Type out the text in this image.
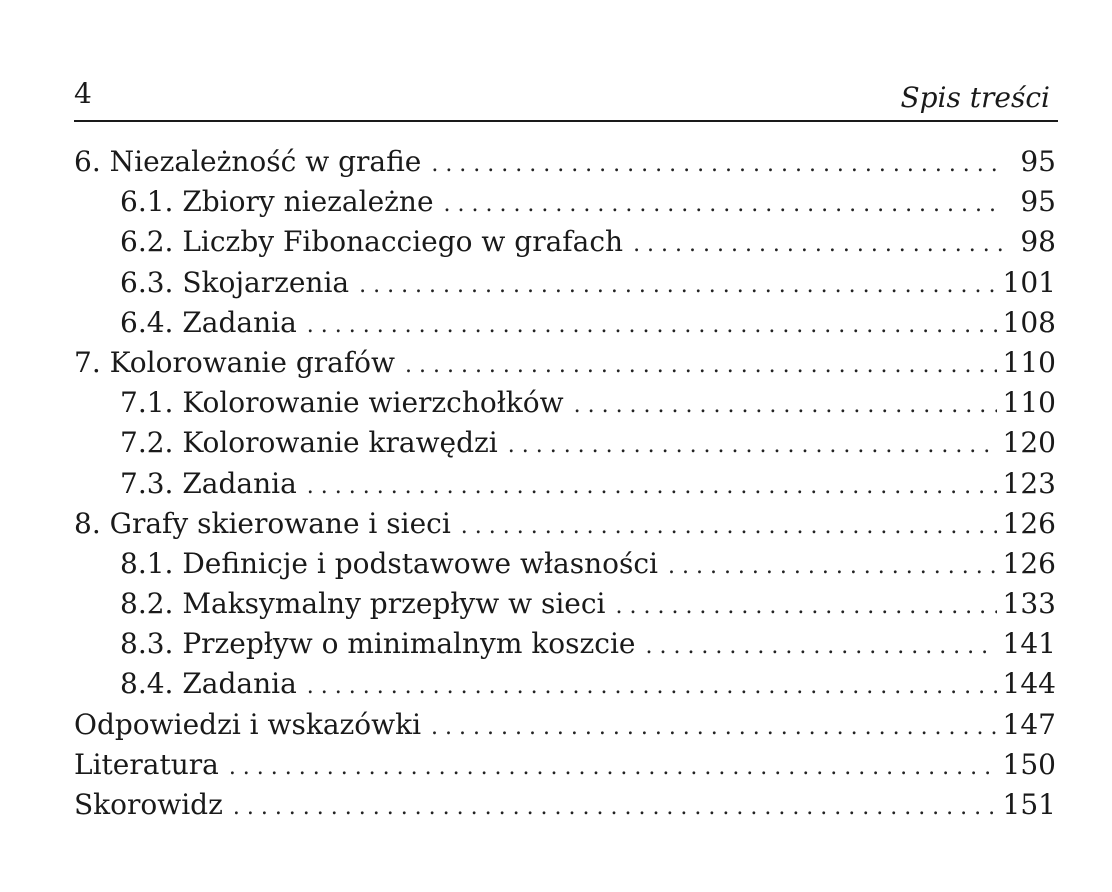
4	Spis treści
6. Niezależność w grafie . . .	95
6.1. Zbiory niezależne . . .	95
6.2. Liczby Fibonacciego w grafach . . .	98
6.3. Skojarzenia . . .	101
6.4. Zadania . . .	108
7. Kolorowanie grafów . . .	110
7.1. Kolorowanie wierzchołków . . .	110
7.2. Kolorowanie krawędzi . . .	120
7.3. Zadania . . .	123
8. Grafy skierowane i sieci . . .	126
8.1. Definicje i podstawowe własności . . .	126
8.2. Maksymalny przepływ w sieci . . .	133
8.3. Przepływ o minimalnym koszcie . . .	141
8.4. Zadania . . .	144
Odpowiedzi i wskazówki . . .	147
Literatura . . .	150
Skorowidz . . .	151
